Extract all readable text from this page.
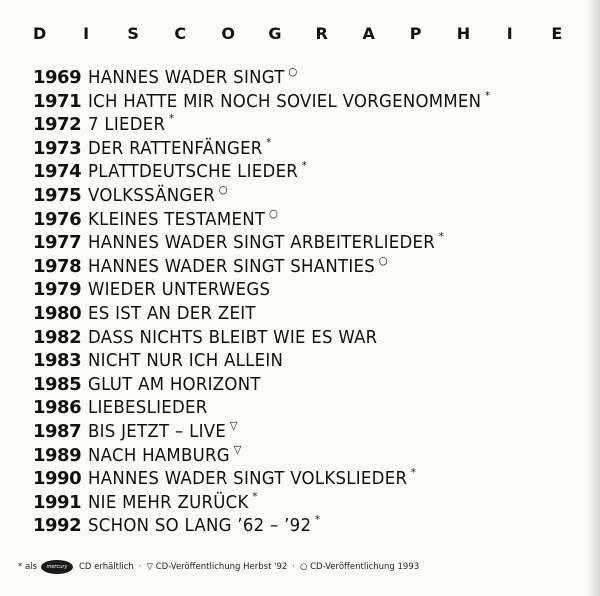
D I S C O G R A P H I E
1969 HANNES WADER SINGT ○
1971 ICH HATTE MIR NOCH SOVIEL VORGENOMMEN *
1972 7 LIEDER *
1973 DER RATTENFÄNGER *
1974 PLATTDEUTSCHE LIEDER *
1975 VOLKSSÄNGER ○
1976 KLEINES TESTAMENT ○
1977 HANNES WADER SINGT ARBEITERLIEDER *
1978 HANNES WADER SINGT SHANTIES ○
1979 WIEDER UNTERWEGS
1980 ES IST AN DER ZEIT
1982 DASS NICHTS BLEIBT WIE ES WAR
1983 NICHT NUR ICH ALLEIN
1985 GLUT AM HORIZONT
1986 LIEBESLIEDER
1987 BIS JETZT – LIVE ▽
1989 NACH HAMBURG ▽
1990 HANNES WADER SINGT VOLKSLIEDER *
1991 NIE MEHR ZURÜCK *
1992 SCHON SO LANG ’62 – ’92 *
* als	mercury	CD erhältlich · ▽ CD-Veröffentlichung Herbst '92 · ○ CD-Veröffentlichung 1993
